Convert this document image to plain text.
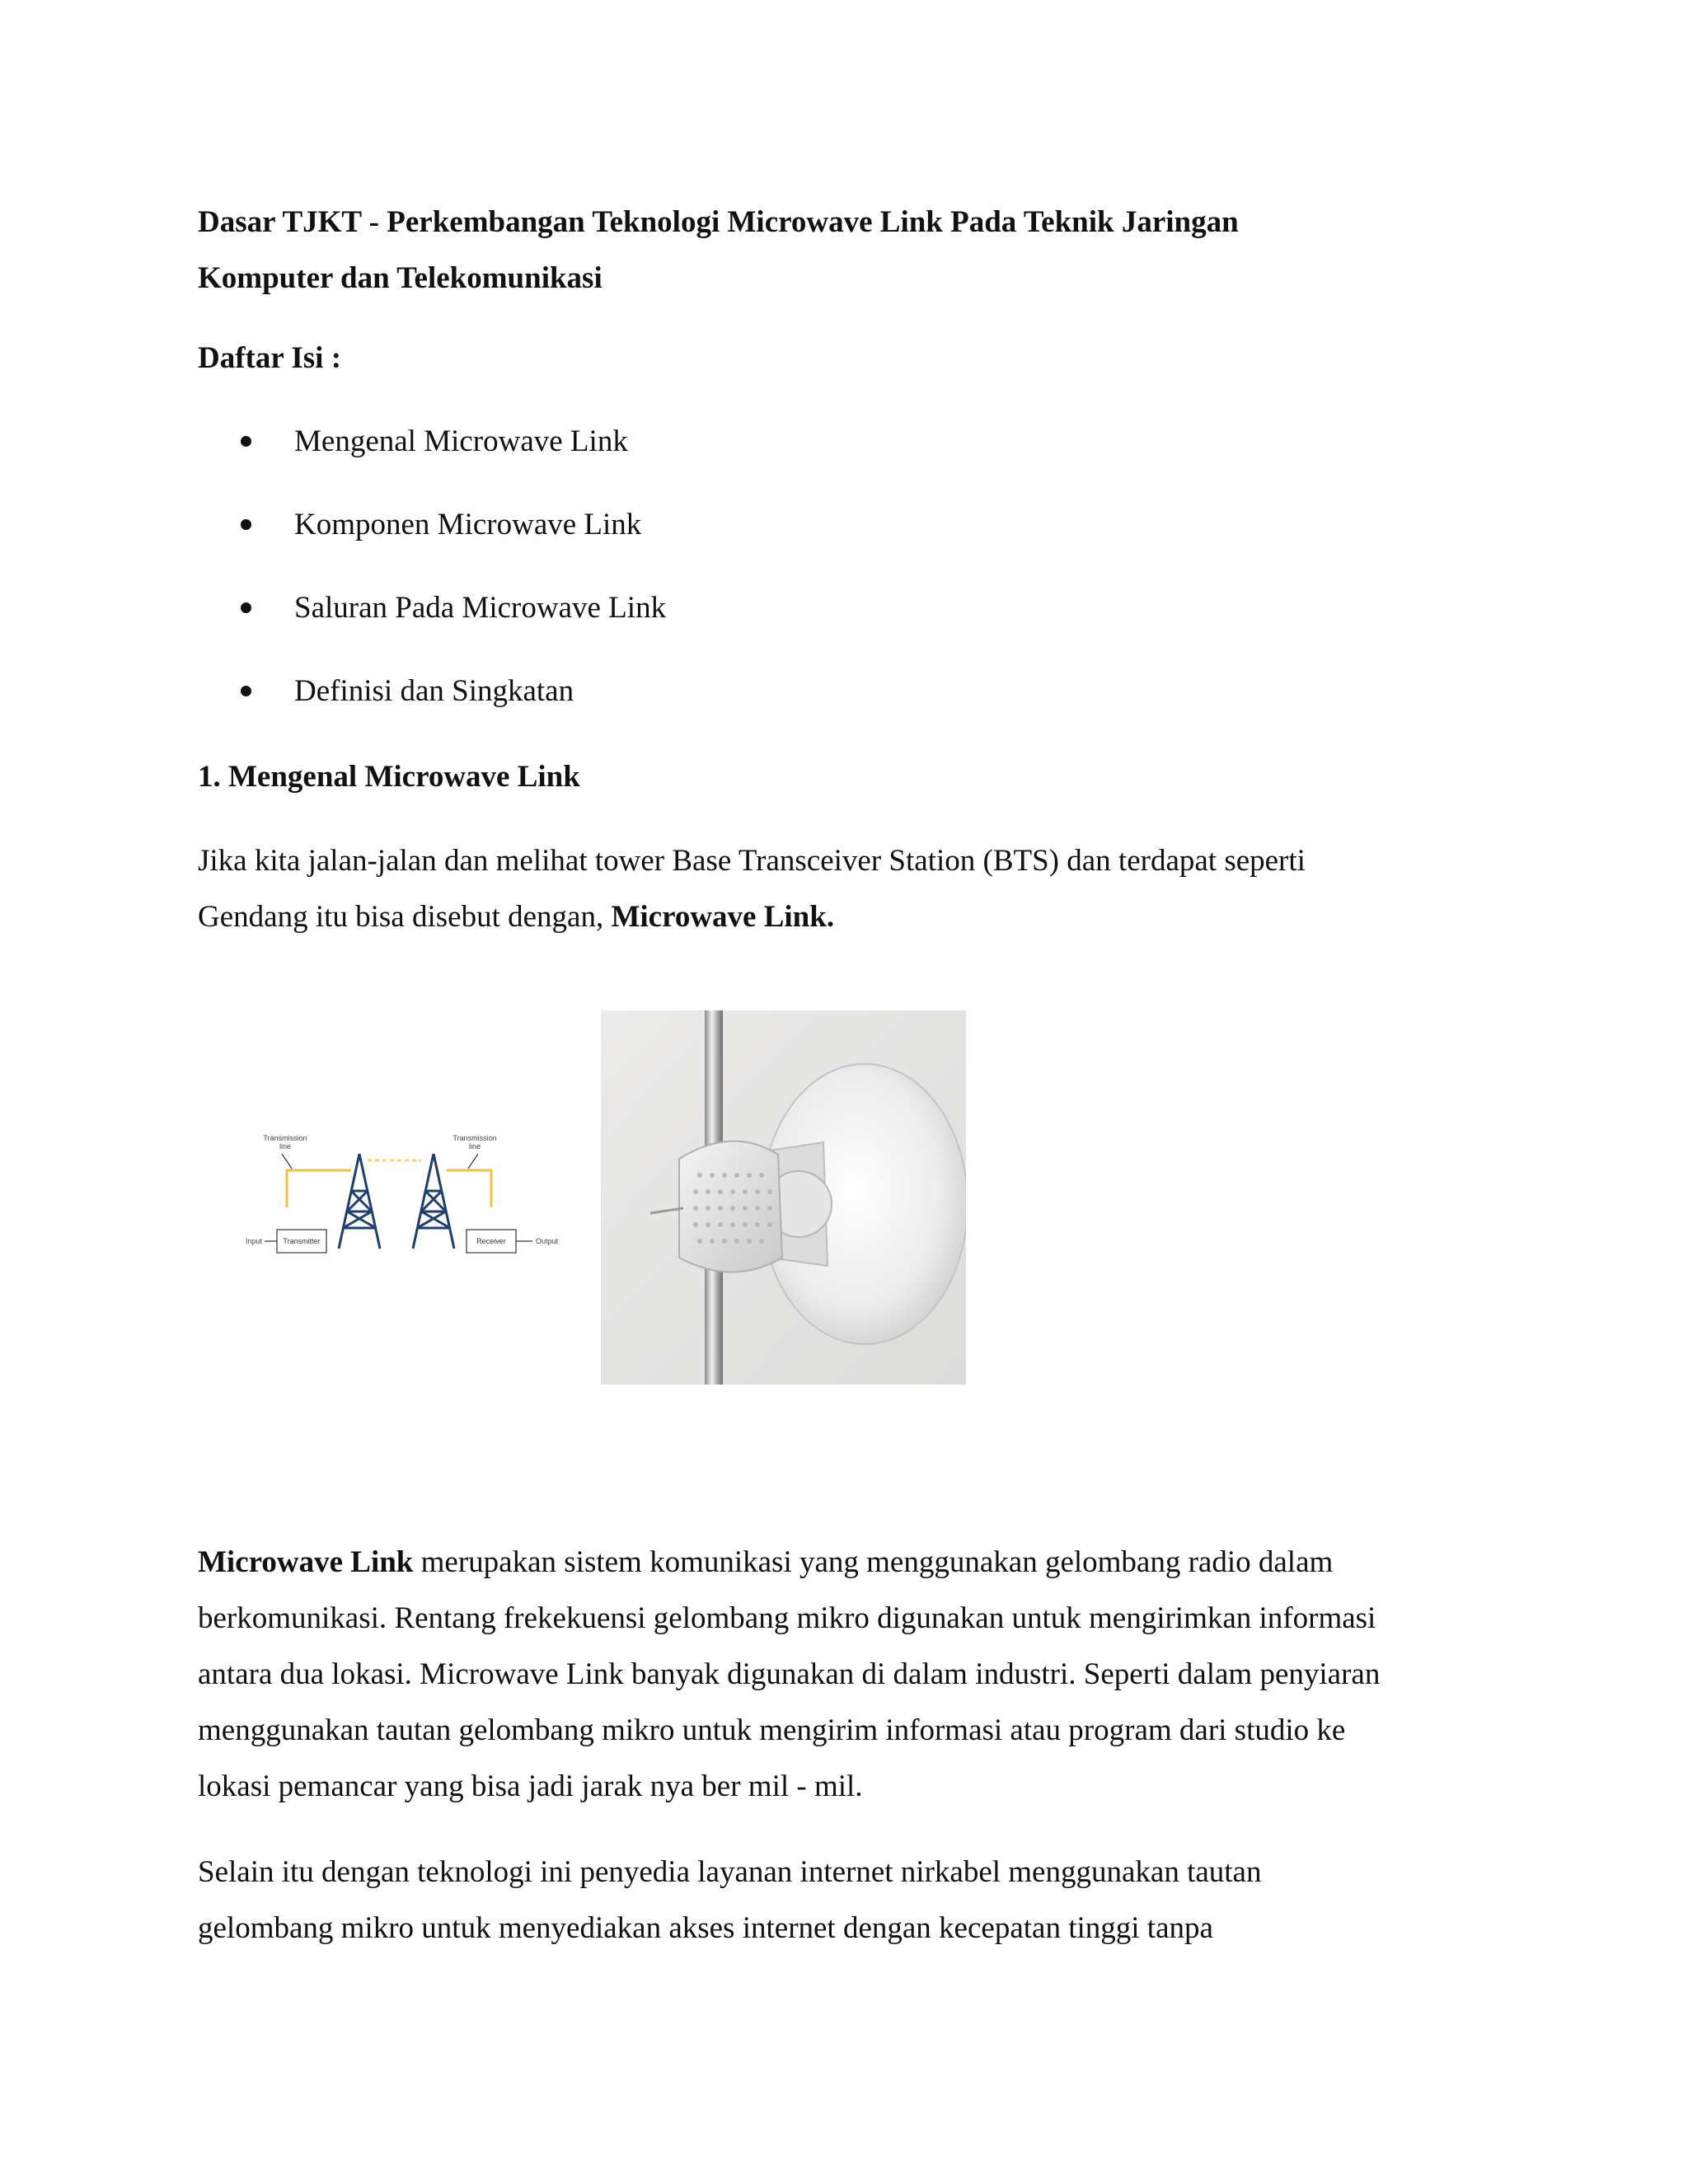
Dasar TJKT - Perkembangan Teknologi Microwave Link Pada Teknik Jaringan
Komputer dan Telekomunikasi
Daftar Isi :
Mengenal Microwave Link
Komponen Microwave Link
Saluran Pada Microwave Link
Definisi dan Singkatan
1. Mengenal Microwave Link

Jika kita jalan-jalan dan melihat tower Base Transceiver Station (BTS) dan terdapat seperti
Gendang itu bisa disebut dengan, Microwave Link.

Transmission
line
Transmission
line
Input	Transmitter	Receiver	Output

Microwave Link merupakan sistem komunikasi yang menggunakan gelombang radio dalam
berkomunikasi. Rentang frekekuensi gelombang mikro digunakan untuk mengirimkan informasi
antara dua lokasi. Microwave Link banyak digunakan di dalam industri. Seperti dalam penyiaran
menggunakan tautan gelombang mikro untuk mengirim informasi atau program dari studio ke
lokasi pemancar yang bisa jadi jarak nya ber mil - mil.

Selain itu dengan teknologi ini penyedia layanan internet nirkabel menggunakan tautan
gelombang mikro untuk menyediakan akses internet dengan kecepatan tinggi tanpa
